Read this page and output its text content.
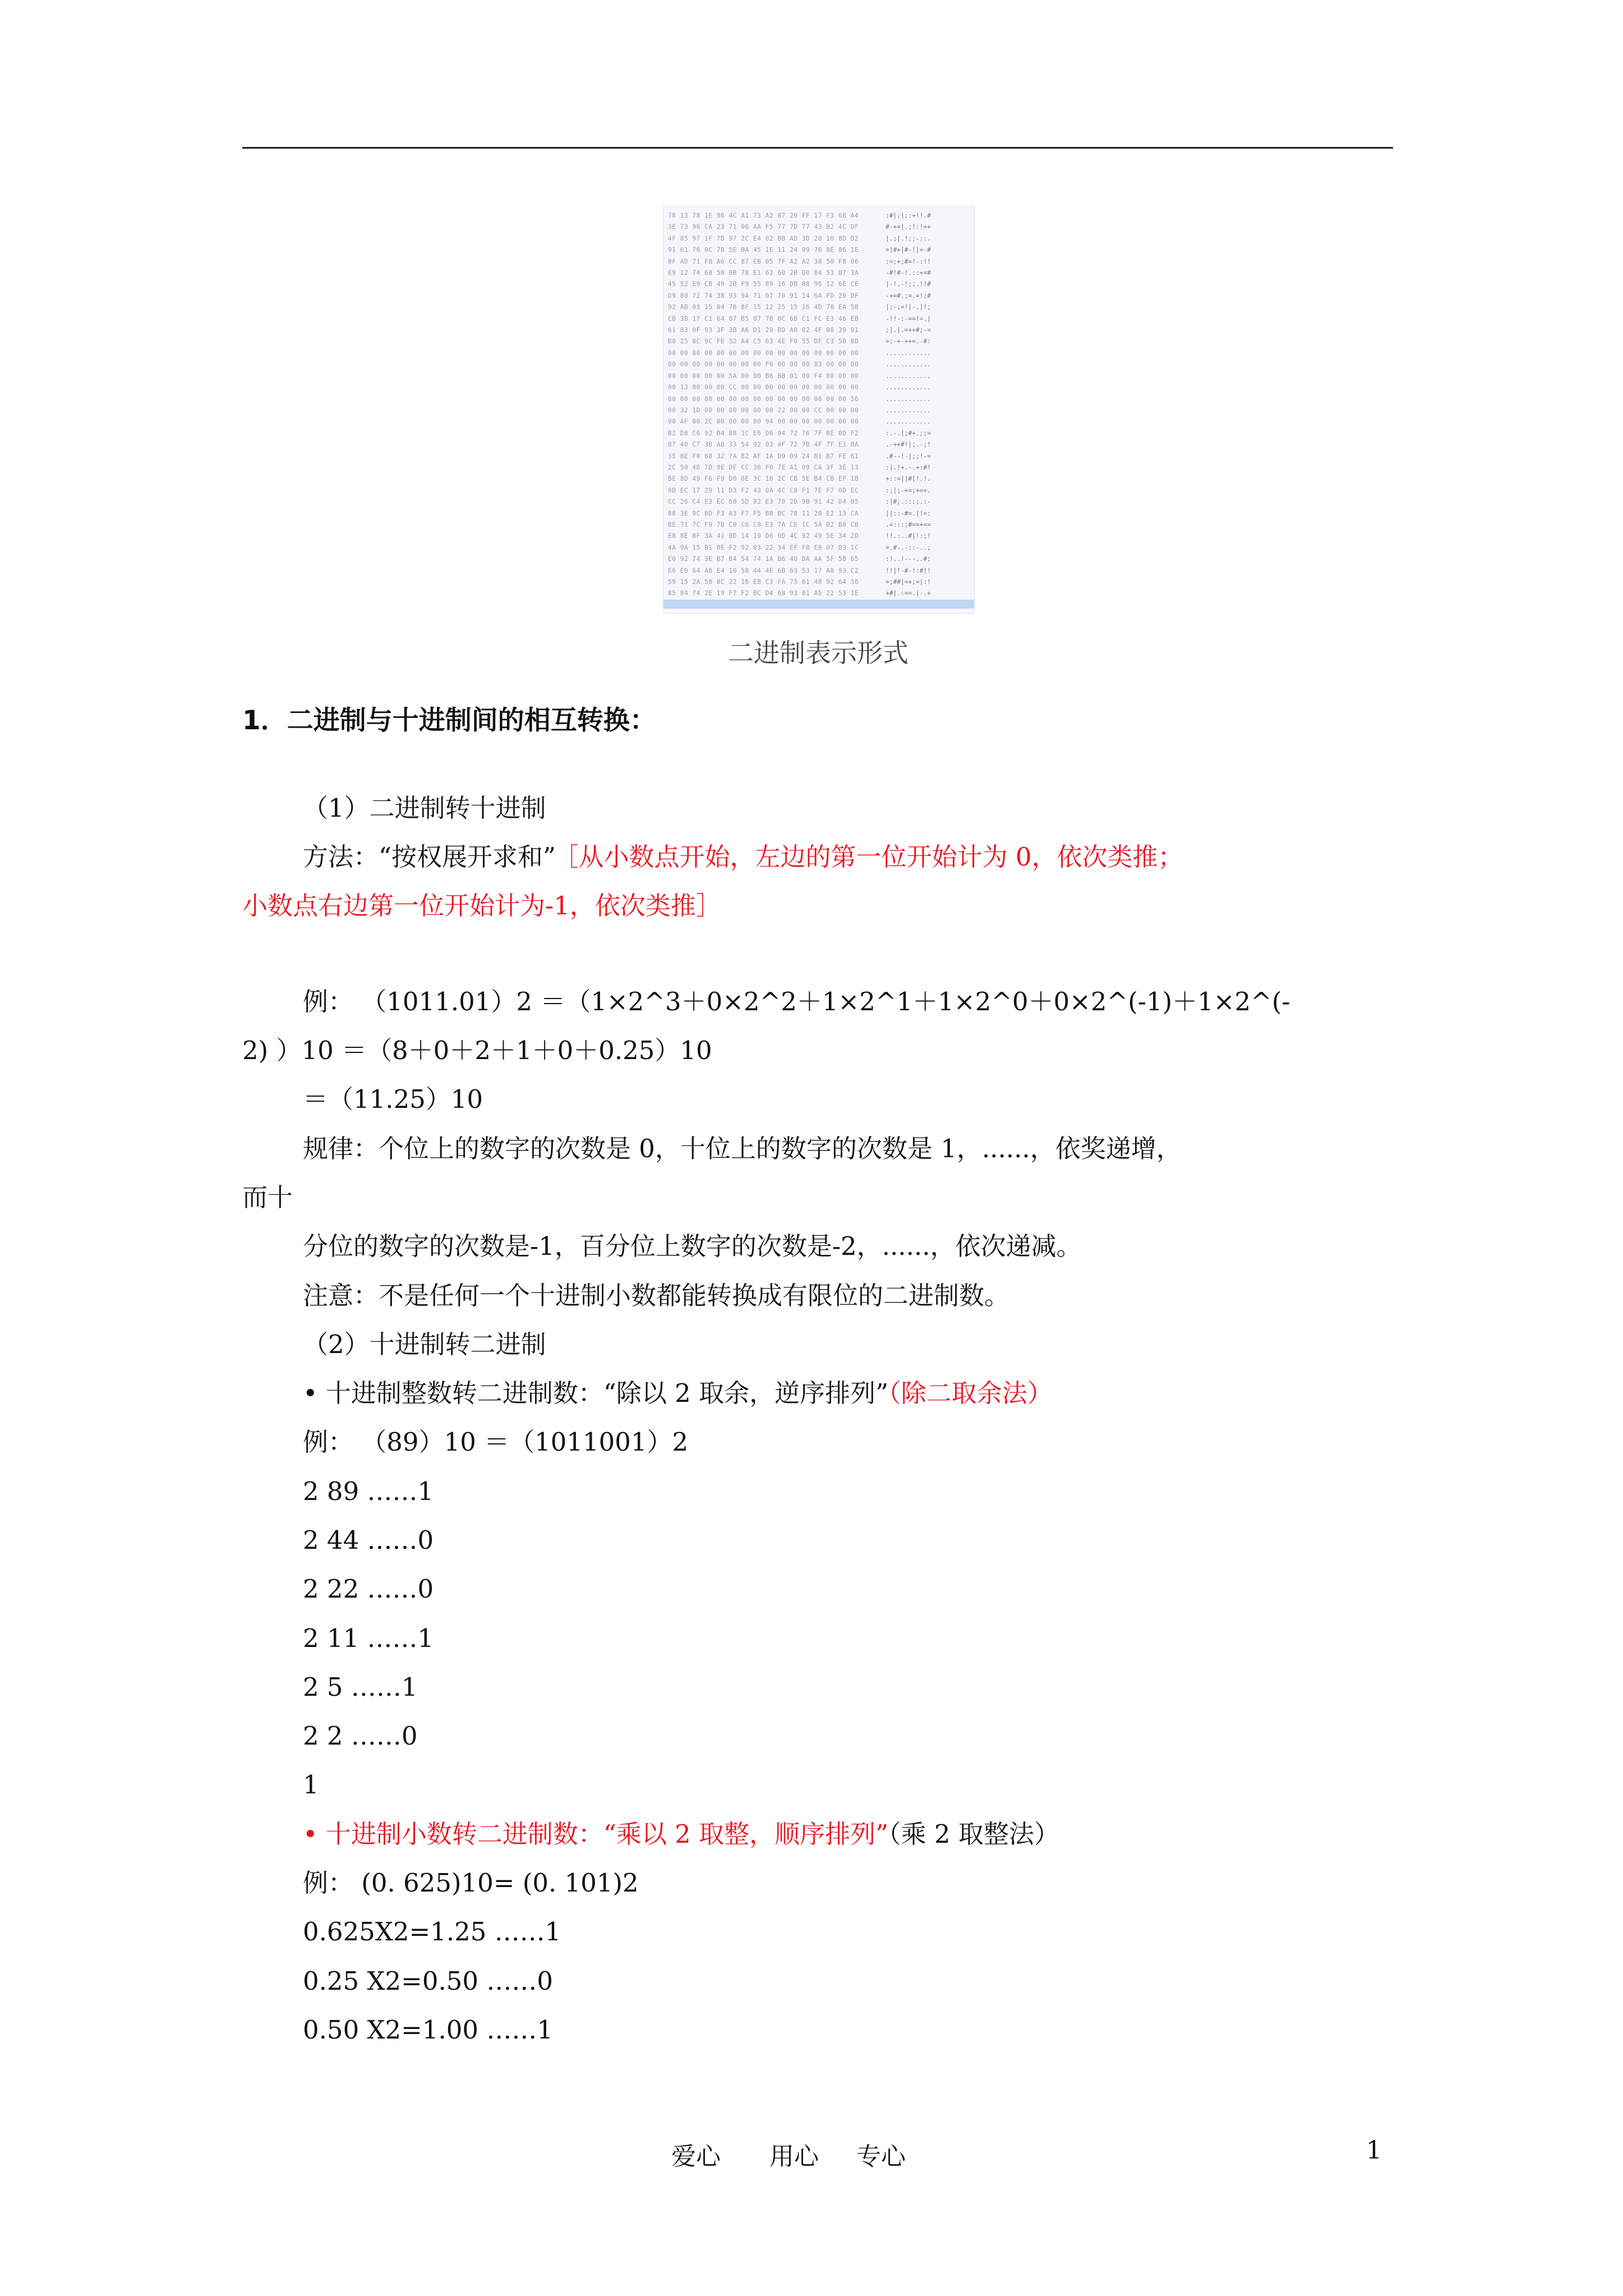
78 13 78 1E 96 4C A1 73 A2 87 20 FF 17 F3 68 A4
3E 73 96 CA 23 71 06 AA F5 77 7D 77 43 B2 4C DF
4F 05 97 1F 7D 97 2C E4 02 BB AD 3D 20 10 8D D2
91 61 76 0C 7B 5E BA 45 1E 11 24 09 76 8E 86 1E
8F AD 71 F8 A6 CC 87 EB 05 7F A2 A2 38 50 F8 06
E9 12 74 68 50 0B 78 E1 63 60 2B D0 84 53 B7 3A
45 52 E9 CB 49 2B F9 55 89 16 DB 88 96 12 6E CE
D9 80 72 74 38 93 9A 71 07 70 91 14 6A FD 20 DF
92 AB 03 15 04 78 8F 15 12 25 15 16 4D 78 EA 5B
CB 3B 17 C1 64 07 B5 07 78 0C 6B C1 FC E3 46 EB
61 83 0F 93 3F 3B A6 D1 20 BD A0 02 4F 00 39 91
B0 25 8C 9C FE 32 A4 C5 63 4E F0 55 DF C3 5B 8D
00 00 00 00 00 00 00 00 00 00 00 00 00 00 00 00
00 00 00 00 00 00 00 00 F6 00 00 00 83 00 00 00
00 00 00 00 00 5A 00 00 B6 BB 01 00 F4 00 00 00
00 13 00 00 00 CC 00 00 00 00 00 00 00 A0 00 00
00 00 00 88 00 00 00 00 00 00 00 00 00 00 00 56
00 32 1D 00 00 00 00 00 00 22 00 00 CC 00 00 00
00 AF 00 2C 00 00 00 00 94 00 00 00 00 00 00 00
B2 D8 C6 92 D4 B8 1C E6 D6 94 72 76 7F BE 0D F2
87 40 C7 38 A8 33 54 92 03 4F 72 7B 4F 7F E1 BA
35 8E F0 68 32 7A 82 AF 1A D9 09 24 B1 B7 FE 61
2C 50 4D 7D 9E DE CC 38 F0 7E A1 09 CA 3F 3E 13
BE 8D 49 F6 F9 D0 0E 3C 10 2C CB 5E B4 CB EF 1B
9D EC 17 29 11 D3 F2 43 0A 4C C8 F1 7E F7 0D EC
CC 26 C4 E3 EC 68 5D 82 E3 70 2D 9B 91 42 D4 05
88 3E 9C BD F3 A3 F7 F5 B8 BC 78 11 20 E2 13 CA
BE 71 7C F9 7B C0 C6 C8 E3 7A CE 1C 5A B2 B0 CB
E8 8E BF 3A 41 BD 14 19 D6 0D 4C 92 49 5E 34 2D
4A 9A 15 B1 0E F2 92 03 22 34 EF FB EB 07 D3 1C
E0 92 74 3E B7 B4 54 74 1A B6 40 DA AA 5F 5B 65
E6 E0 64 A8 E4 10 58 44 4E 6B 63 53 17 A8 93 C2
59 15 2A 58 8C 22 16 EB C3 FA 75 61 48 92 64 56
85 84 74 2E 19 F7 F2 BC D4 68 93 81 A5 22 53 1E

:#|;|;:+!!.#
#-+=|.;!:!++
|.;|.!;;-::.
=|#+|#-!|+-#
:=;+;#=!-:!!
-#!#-!.::+=#
|-!.-!;;.!!#
-+=#.;=.=!;#
|;-;=!|-.|!;
-!!-:-==!=.|
;|.|.=++#;-=
=;-+-++=.-#:
............
............
............
............
............
............
............
:.-.|;#+.;;=
.-++#!|;.-;!
.#--!-|;;!-=
:|.!+.-.+:#!
+::=||#|!.!.
:;|;-+=;+=+.
:|#;.:::;.:-
||::-#=.|!=:
.=:::;#==+==
!!.:..#|!:;!
=.#-.-::-..;
:!..!---..#;
!!|!-#-!:#|!
=;##|=+;=|:!
+#|.:==.|-.+

二进制表示形式
1．二进制与十进制间的相互转换：
（1）二进制转十进制
方法：“按权展开求和” ［从小数点开始，左边的第一位开始计为 0，依次类推；
小数点右边第一位开始计为-1，依次类推］
例： （1011.01）2 ＝（1×2^3＋0×2^2＋1×2^1＋1×2^0＋0×2^(-1)＋1×2^(-
2) ）10 ＝（8＋0＋2＋1＋0＋0.25）10
＝（11.25）10
规律：个位上的数字的次数是 0，十位上的数字的次数是 1，......，依奖递增，
而十
分位的数字的次数是-1，百分位上数字的次数是-2，......，依次递减。
注意：不是任何一个十进制小数都能转换成有限位的二进制数。
（2）十进制转二进制
• 十进制整数转二进制数：“除以 2 取余，逆序排列”（除二取余法）
例： （89）10 ＝（1011001）2
2 89 ……1
2 44 ……0
2 22 ……0
2 11 ……1
2 5 ……1
2 2 ……0
1
• 十进制小数转二进制数：“乘以 2 取整，顺序排列”（乘 2 取整法）
例： (0. 625)10= (0. 101)2
0.625X2=1.25 ……1
0.25 X2=0.50 ……0
0.50 X2=1.00 ……1
爱心 用心 专心	1
